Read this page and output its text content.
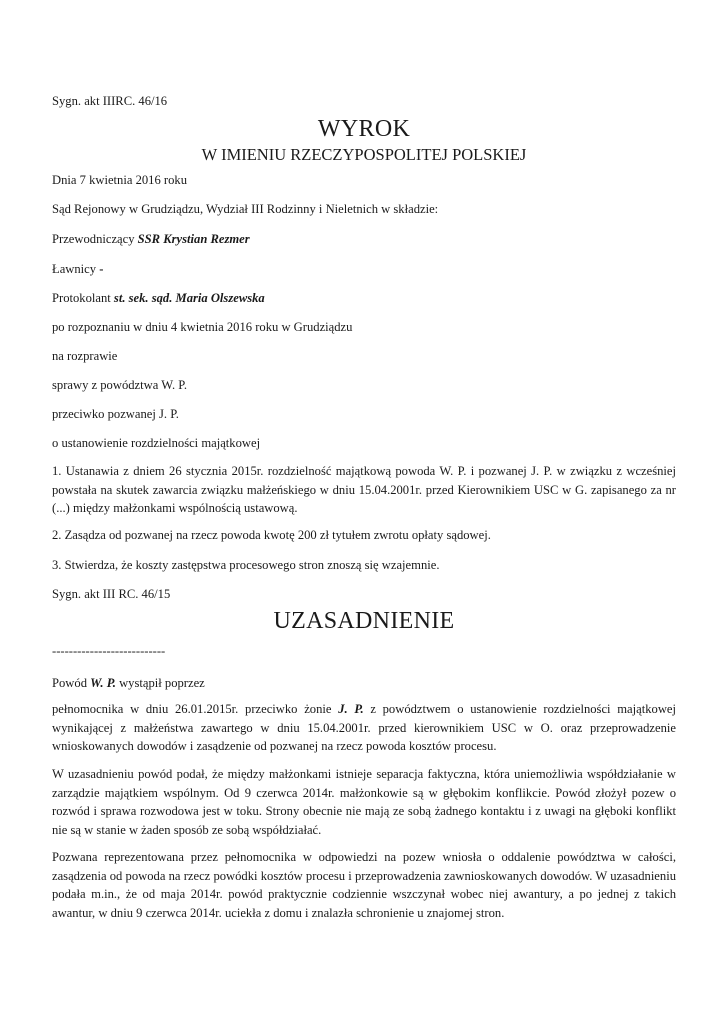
Sygn. akt IIIRC. 46/16
WYROK
W IMIENIU RZECZYPOSPOLITEJ POLSKIEJ
Dnia 7 kwietnia 2016 roku
Sąd Rejonowy w Grudziądzu, Wydział III Rodzinny i Nieletnich w składzie:
Przewodniczący SSR Krystian Rezmer
Ławnicy -
Protokolant st. sek. sąd. Maria Olszewska
po rozpoznaniu w dniu 4 kwietnia 2016 roku w Grudziądzu
na rozprawie
sprawy z powództwa W. P.
przeciwko pozwanej J. P.
o ustanowienie rozdzielności majątkowej
1. Ustanawia z dniem 26 stycznia 2015r. rozdzielność majątkową powoda W. P. i pozwanej J. P. w związku z wcześniej powstała na skutek zawarcia związku małżeńskiego w dniu 15.04.2001r. przed Kierownikiem USC w G. zapisanego za nr (...) między małżonkami wspólnością ustawową.
2. Zasądza od pozwanej na rzecz powoda kwotę 200 zł tytułem zwrotu opłaty sądowej.
3. Stwierdza, że koszty zastępstwa procesowego stron znoszą się wzajemnie.
Sygn. akt III RC. 46/15
UZASADNIENIE
---------------------------
Powód W. P. wystąpił poprzez
pełnomocnika w dniu 26.01.2015r. przeciwko żonie J. P. z powództwem o ustanowienie rozdzielności majątkowej wynikającej z małżeństwa zawartego w dniu 15.04.2001r. przed kierownikiem USC w O. oraz przeprowadzenie wnioskowanych dowodów i zasądzenie od pozwanej na rzecz powoda kosztów procesu.
W uzasadnieniu powód podał, że między małżonkami istnieje separacja faktyczna, która uniemożliwia współdziałanie w zarządzie majątkiem wspólnym. Od 9 czerwca 2014r. małżonkowie są w głębokim konflikcie. Powód złożył pozew o rozwód i sprawa rozwodowa jest w toku. Strony obecnie nie mają ze sobą żadnego kontaktu i z uwagi na głęboki konflikt nie są w stanie w żaden sposób ze sobą współdziałać.
Pozwana reprezentowana przez pełnomocnika w odpowiedzi na pozew wniosła o oddalenie powództwa w całości, zasądzenia od powoda na rzecz powódki kosztów procesu i przeprowadzenia zawnioskowanych dowodów. W uzasadnieniu podała m.in., że od maja 2014r. powód praktycznie codziennie wszczynał wobec niej awantury, a po jednej z takich awantur, w dniu 9 czerwca 2014r. uciekła z domu i znalazła schronienie u znajomej stron.
